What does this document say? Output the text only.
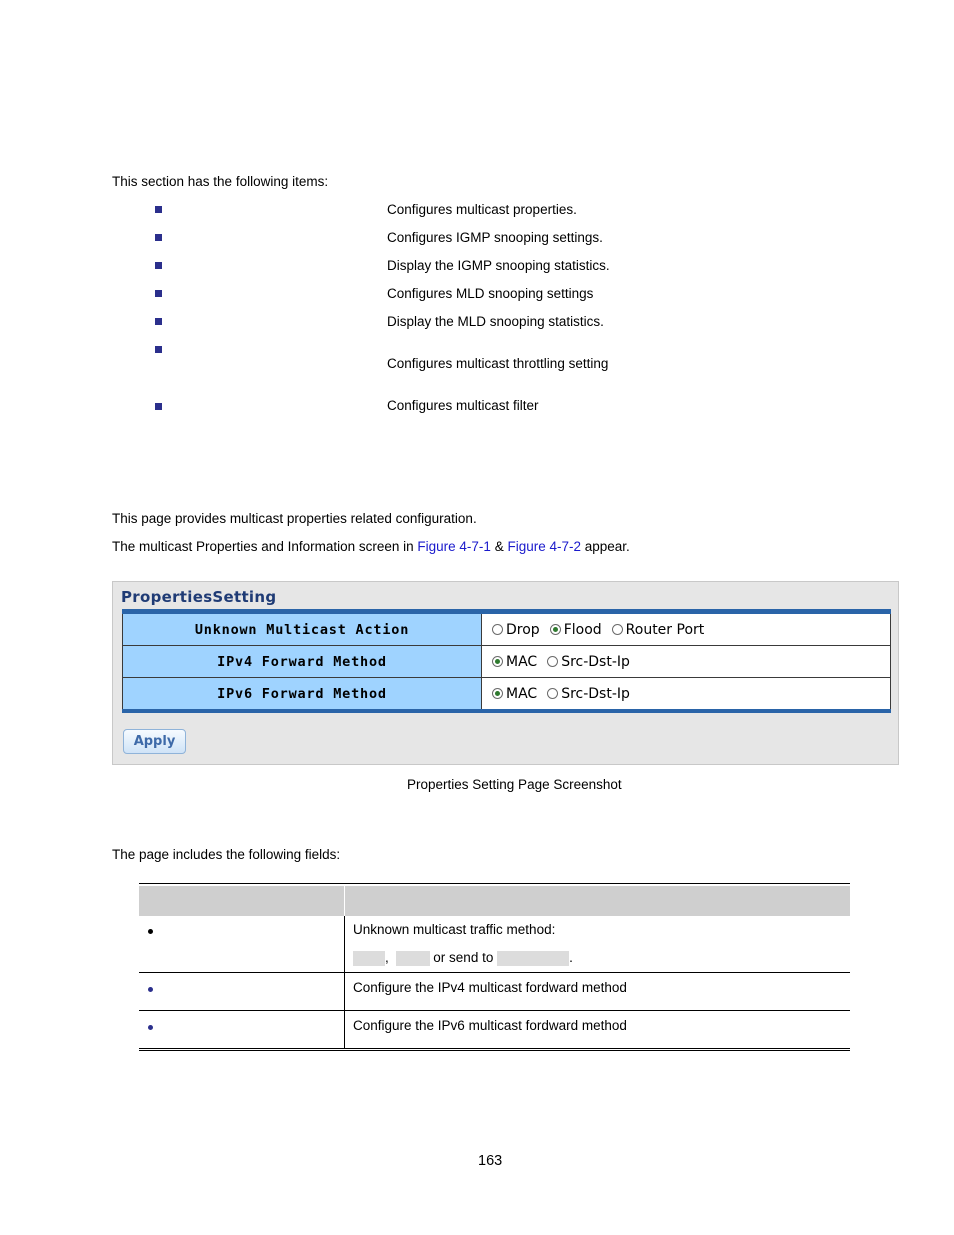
This section has the following items:
Configures multicast properties.
Configures IGMP snooping settings.
Display the IGMP snooping statistics.
Configures MLD snooping settings
Display the MLD snooping statistics.
Configures multicast throttling setting
Configures multicast filter
This page provides multicast properties related configuration.
The multicast Properties and Information screen in Figure 4-7-1 & Figure 4-7-2 appear.
PropertiesSetting
Unknown Multicast Action	Drop Flood Router Port
IPv4 Forward Method	MAC Src-Dst-Ip
IPv6 Forward Method	MAC Src-Dst-Ip
Apply
Properties Setting Page Screenshot
The page includes the following fields:
Unknown multicast traffic method:
,	or send to	.
Configure the IPv4 multicast fordward method
Configure the IPv6 multicast fordward method
163
